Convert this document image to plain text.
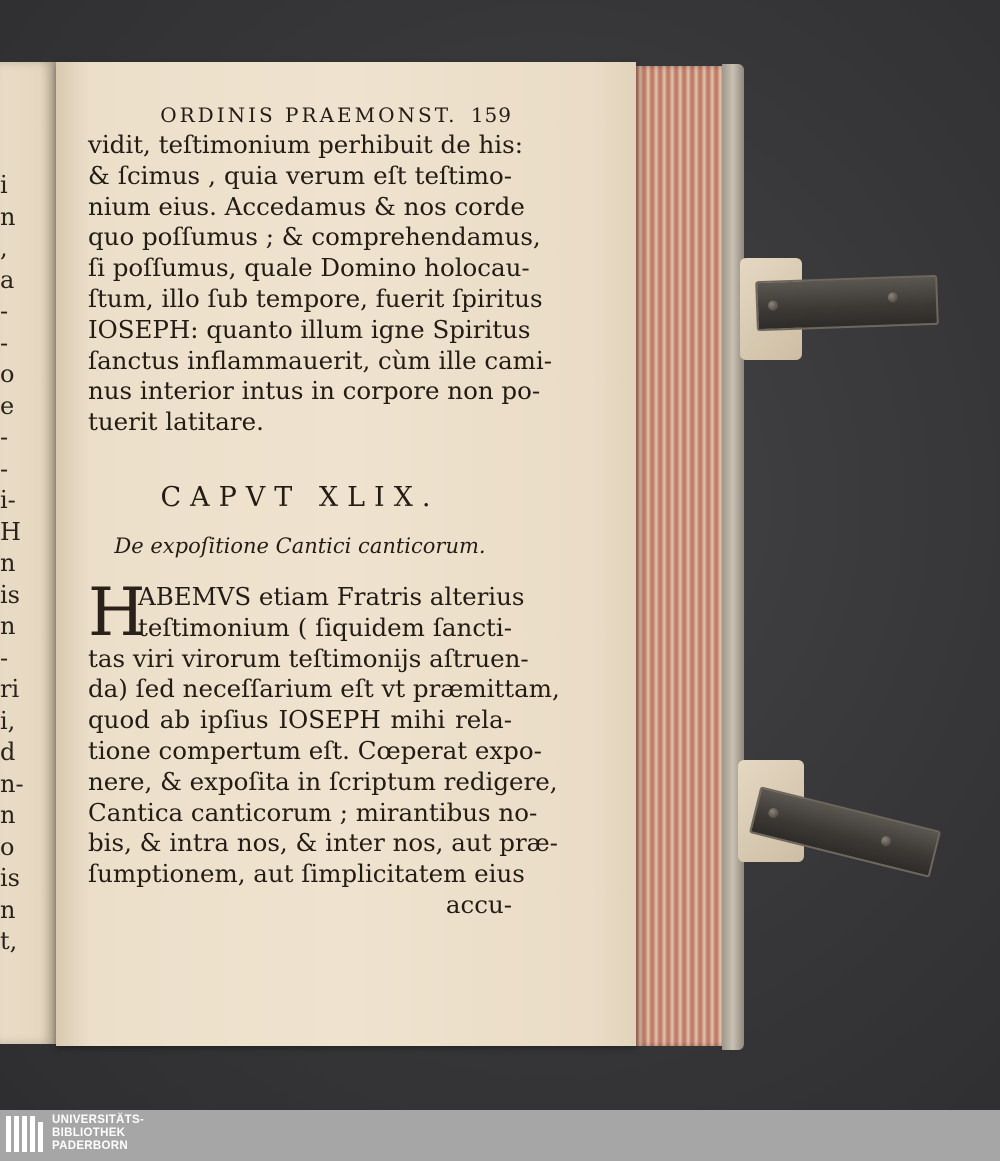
i
n
,
a
-
-
o
e
-
-
i-
H
n
is
n
-
ri
i,
d
n-
n
o
is
n
t,
ORDINIS PRAEMONST. 159
vidit, teſtimonium perhibuit de his:
& ſcimus , quia verum eſt teſtimo-
nium eius. Accedamus & nos corde
quo poſſumus ; & comprehendamus,
ſi poſſumus, quale Domino holocau-
ſtum, illo ſub tempore, fuerit ſpiritus
IOSEPH: quanto illum igne Spiritus
ſanctus inflammauerit, cùm ille cami-
nus interior intus in corpore non po-
tuerit latitare.
CAPVT XLIX.
De expoſitione Cantici canticorum.
H
ABEMVS etiam Fratris alterius
teſtimonium ( ſiquidem ſancti-
tas viri virorum teſtimonijs aſtruen-
da) ſed neceſſarium eſt vt præmittam,
quod ab ipſius IOSEPH mihi rela-
tione compertum eſt. Cœperat expo-
nere, & expoſita in ſcriptum redigere,
Cantica canticorum ; mirantibus no-
bis, & intra nos, & inter nos, aut præ-
ſumptionem, aut ſimplicitatem eius
accu-
UNIVERSITÄTS-
BIBLIOTHEK
PADERBORN
